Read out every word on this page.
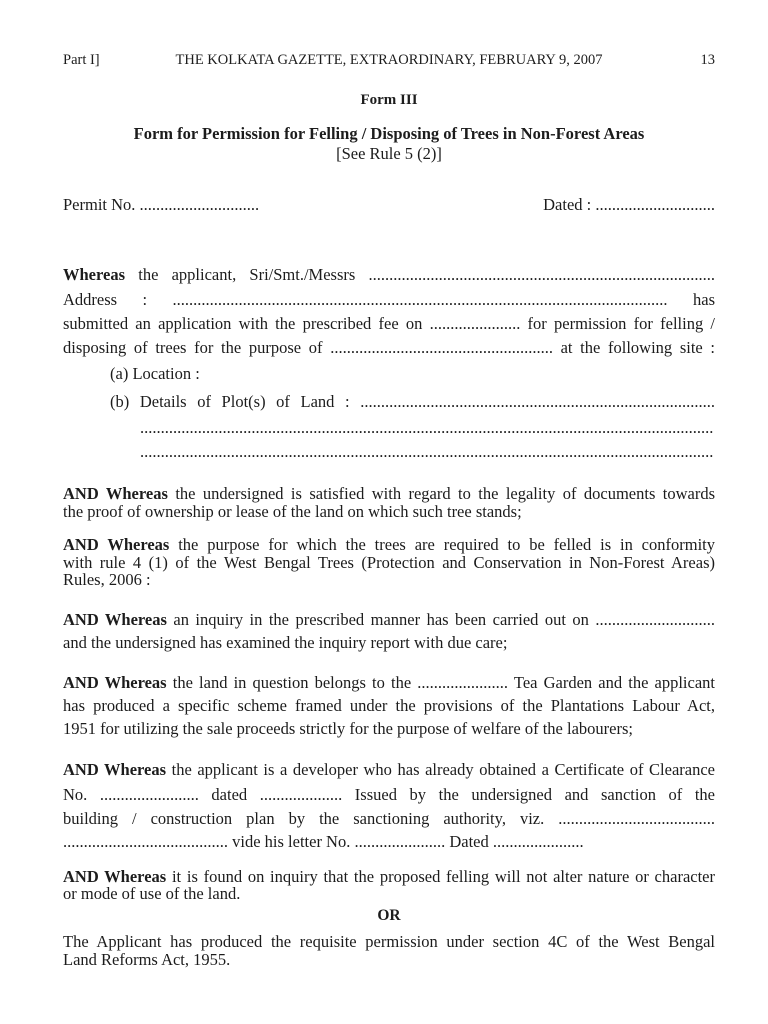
Part I]	THE KOLKATA GAZETTE, EXTRAORDINARY, FEBRUARY 9, 2007	13
Form III
Form for Permission for Felling / Disposing of Trees in Non-Forest Areas
[See Rule 5 (2)]
Permit No. .............................	Dated : .............................
Whereas the applicant, Sri/Smt./Messrs ....................................................................................
Address : ........................................................................................................................ has
submitted an application with the prescribed fee on ...................... for permission for felling /
disposing of trees for the purpose of ...................................................... at the following site :
(a) Location :
(b) Details of Plot(s) of Land : ......................................................................................
...........................................................................................................................................
...........................................................................................................................................
AND Whereas the undersigned is satisfied with regard to the legality of documents towards
the proof of ownership or lease of the land on which such tree stands;
AND Whereas the purpose for which the trees are required to be felled is in conformity
with rule 4 (1) of the West Bengal Trees (Protection and Conservation in Non-Forest Areas)
Rules, 2006 :
AND Whereas an inquiry in the prescribed manner has been carried out on .............................
and the undersigned has examined the inquiry report with due care;
AND Whereas the land in question belongs to the ...................... Tea Garden and the applicant
has produced a specific scheme framed under the provisions of the Plantations Labour Act,
1951 for utilizing the sale proceeds strictly for the purpose of welfare of the labourers;
AND Whereas the applicant is a developer who has already obtained a Certificate of Clearance
No. ........................ dated .................... Issued by the undersigned and sanction of the
building / construction plan by the sanctioning authority, viz. ......................................
........................................ vide his letter No. ...................... Dated ......................
AND Whereas it is found on inquiry that the proposed felling will not alter nature or character
or mode of use of the land.
OR
The Applicant has produced the requisite permission under section 4C of the West Bengal
Land Reforms Act, 1955.
